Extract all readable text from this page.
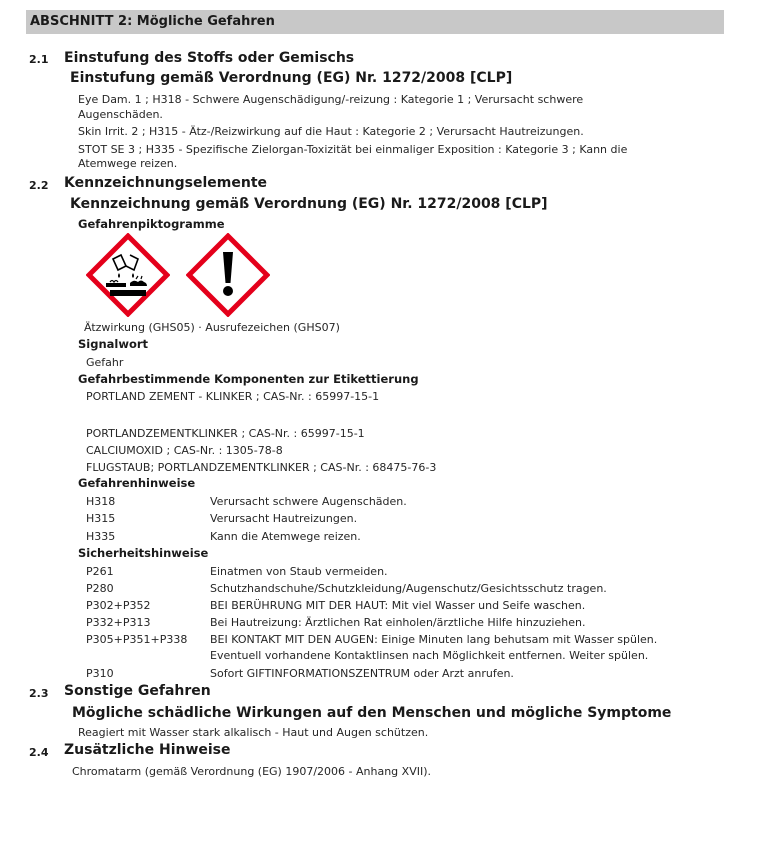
ABSCHNITT 2: Mögliche Gefahren
2.1 Einstufung des Stoffs oder Gemischs
Einstufung gemäß Verordnung (EG) Nr. 1272/2008 [CLP]
Eye Dam. 1 ; H318 - Schwere Augenschädigung/-reizung : Kategorie 1 ; Verursacht schwere
Augenschäden.
Skin Irrit. 2 ; H315 - Ätz-/Reizwirkung auf die Haut : Kategorie 2 ; Verursacht Hautreizungen.
STOT SE 3 ; H335 - Spezifische Zielorgan-Toxizität bei einmaliger Exposition : Kategorie 3 ; Kann die
Atemwege reizen.
2.2 Kennzeichnungselemente
Kennzeichnung gemäß Verordnung (EG) Nr. 1272/2008 [CLP]
Gefahrenpiktogramme
Ätzwirkung (GHS05) · Ausrufezeichen (GHS07)
Signalwort
Gefahr
Gefahrbestimmende Komponenten zur Etikettierung
PORTLAND ZEMENT - KLINKER ; CAS-Nr. : 65997-15-1
PORTLANDZEMENTKLINKER ; CAS-Nr. : 65997-15-1
CALCIUMOXID ; CAS-Nr. : 1305-78-8
FLUGSTAUB; PORTLANDZEMENTKLINKER ; CAS-Nr. : 68475-76-3
Gefahrenhinweise
H318	Verursacht schwere Augenschäden.
H315	Verursacht Hautreizungen.
H335	Kann die Atemwege reizen.
Sicherheitshinweise
P261	Einatmen von Staub vermeiden.
P280	Schutzhandschuhe/Schutzkleidung/Augenschutz/Gesichtsschutz tragen.
P302+P352	BEI BERÜHRUNG MIT DER HAUT: Mit viel Wasser und Seife waschen.
P332+P313	Bei Hautreizung: Ärztlichen Rat einholen/ärztliche Hilfe hinzuziehen.
P305+P351+P338 BEI KONTAKT MIT DEN AUGEN: Einige Minuten lang behutsam mit Wasser spülen.
Eventuell vorhandene Kontaktlinsen nach Möglichkeit entfernen. Weiter spülen.
P310	Sofort GIFTINFORMATIONSZENTRUM oder Arzt anrufen.
2.3 Sonstige Gefahren
Mögliche schädliche Wirkungen auf den Menschen und mögliche Symptome
Reagiert mit Wasser stark alkalisch - Haut und Augen schützen.
2.4 Zusätzliche Hinweise
Chromatarm (gemäß Verordnung (EG) 1907/2006 - Anhang XVII).
